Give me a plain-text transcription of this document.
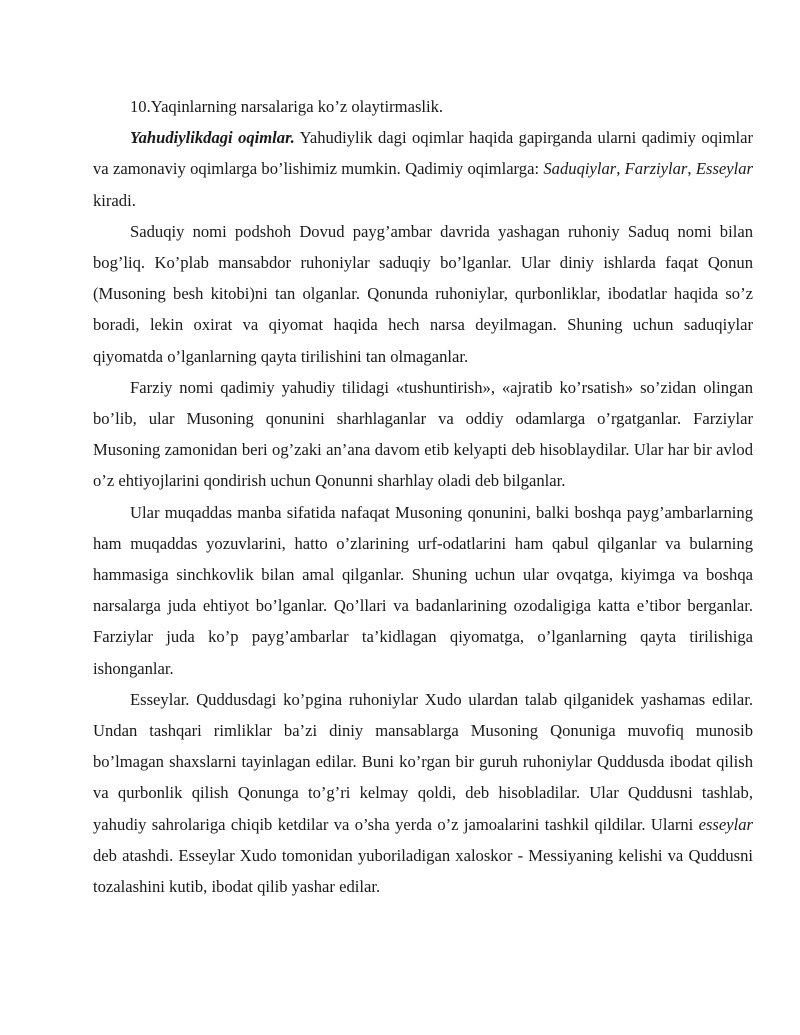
10.Yaqinlarning narsalariga ko’z olaytirmaslik.

Yahudiylikdagi oqimlar. Yahudiylik dagi oqimlar haqida gapirganda ularni qadimiy oqimlar va zamonaviy oqimlarga bo’lishimiz mumkin. Qadimiy oqimlarga: Saduqiylar, Farziylar, Esseylar kiradi.

Saduqiy nomi podshoh Dovud payg’ambar davrida yashagan ruhoniy Saduq nomi bilan bog’liq. Ko’plab mansabdor ruhoniylar saduqiy bo’lganlar. Ular diniy ishlarda faqat Qonun (Musoning besh kitobi)ni tan olganlar. Qonunda ruhoniylar, qurbonliklar, ibodatlar haqida so’z boradi, lekin oxirat va qiyomat haqida hech narsa deyilmagan. Shuning uchun saduqiylar qiyomatda o’lganlarning qayta tirilishini tan olmaganlar.

Farziy nomi qadimiy yahudiy tilidagi «tushuntirish», «ajratib ko’rsatish» so’zidan olingan bo’lib, ular Musoning qonunini sharhlaganlar va oddiy odamlarga o’rgatganlar. Farziylar Musoning zamonidan beri og’zaki an’ana davom etib kelyapti deb hisoblaydilar. Ular har bir avlod o’z ehtiyojlarini qondirish uchun Qonunni sharhlay oladi deb bilganlar.

Ular muqaddas manba sifatida nafaqat Musoning qonunini, balki boshqa payg’ambarlarning ham muqaddas yozuvlarini, hatto o’zlarining urf-odatlarini ham qabul qilganlar va bularning hammasiga sinchkovlik bilan amal qilganlar. Shuning uchun ular ovqatga, kiyimga va boshqa narsalarga juda ehtiyot bo’lganlar. Qo’llari va badanlarining ozodaligiga katta e’tibor berganlar. Farziylar juda ko’p payg’ambarlar ta’kidlagan qiyomatga, o’lganlarning qayta tirilishiga ishonganlar.

Esseylar. Quddusdagi ko’pgina ruhoniylar Xudo ulardan talab qilganidek yashamas edilar. Undan tashqari rimliklar ba’zi diniy mansablarga Musoning Qonuniga muvofiq munosib bo’lmagan shaxslarni tayinlagan edilar. Buni ko’rgan bir guruh ruhoniylar Quddusda ibodat qilish va qurbonlik qilish Qonunga to’g’ri kelmay qoldi, deb hisobladilar. Ular Quddusni tashlab, yahudiy sahrolariga chiqib ketdilar va o’sha yerda o’z jamoalarini tashkil qildilar. Ularni esseylar deb atashdi. Esseylar Xudo tomonidan yuboriladigan xaloskor - Messiyaning kelishi va Quddusni tozalashini kutib, ibodat qilib yashar edilar.
